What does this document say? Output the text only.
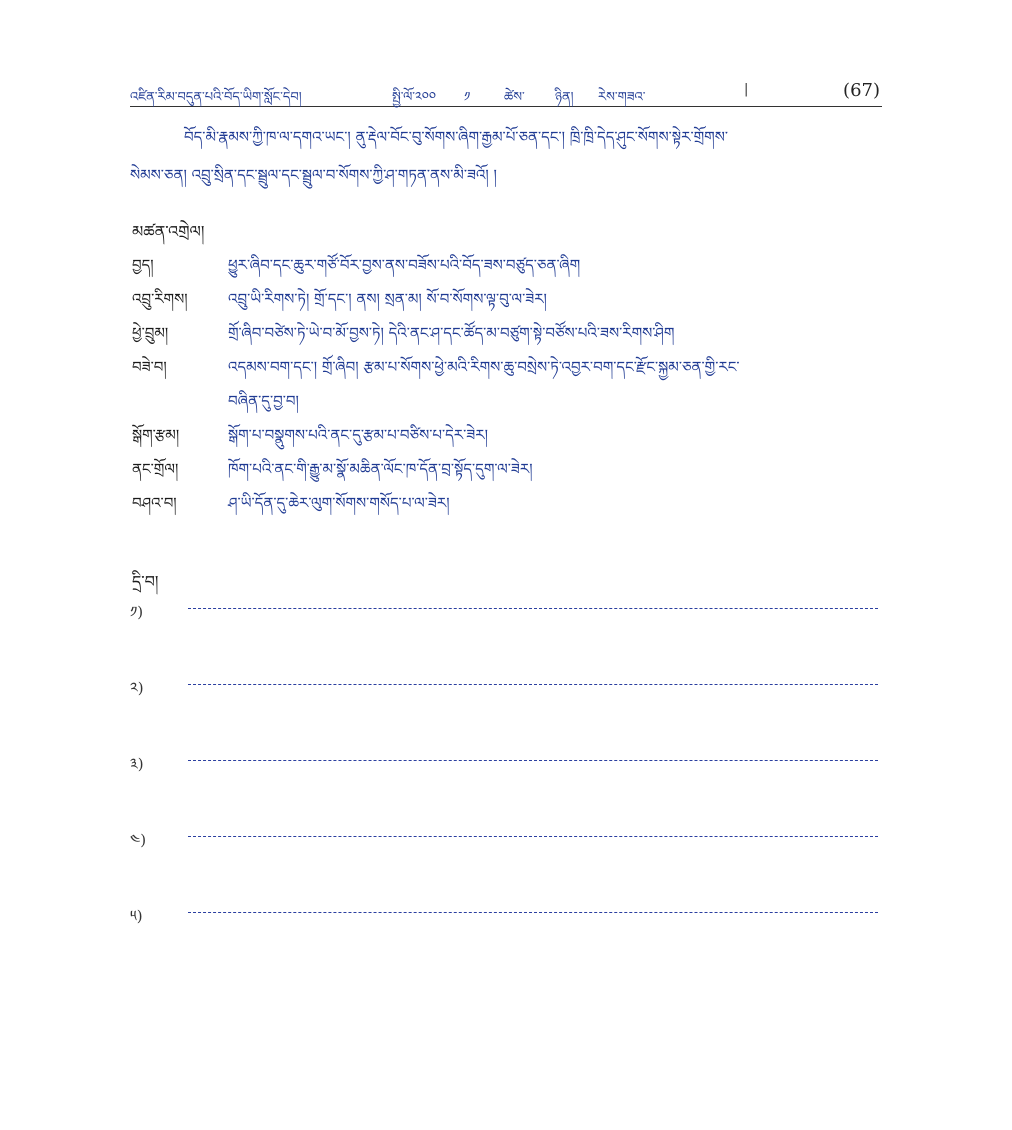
འཛིན་རིམ་བདུན་པའི་བོད་ཡིག་སློང་དེབ།	སྤྱི་ལོ་༢༠༠ ༡	ཚེས་ ཉིན། རེས་གཟའ་
|	(67)
བོད་མི་རྣམས་ཀྱི་ཁ་ལ་དགའ་ཡང་། ནུ་རྡེལ་བོང་བུ་སོགས་ཞིག་རྒྱམ་པོ་ཅན་དང་། ཁྲི་ཁྲི་དེད་ཤུང་སོགས་སྟེར་གྲོགས་
སེམས་ཅན། འབྲུ་སྲིན་དང་སྦྲུལ་དང་སྦྲུལ་བ་སོགས་ཀྱི་ཤ་གཏན་ནས་མི་ཟའོ། །
མཚན་འགྲེལ།
བྱད།	ཕྱུར་ཞིབ་དང་ཆུར་གཙོ་བོར་བྱས་ནས་བཟོས་པའི་བོད་ཟས་བཙུད་ཅན་ཞིག
འབྲུ་རིགས།	འབྲུ་ཡི་རིགས་ཏེ། གྲོ་དང་། ནས། སྲན་མ། སོ་བ་སོགས་ལྟ་བུ་ལ་ཟེར།
ཕྱེ་བྲུམ།	གྲོ་ཞིབ་བཙེས་ཏེ་ཡེ་བ་མོ་བྱས་ཏེ། དེའི་ནང་ཤ་དང་ཚོད་མ་བཙུག་སྟེ་བཙོས་པའི་ཟས་རིགས་ཤིག
བཟེ་བ།	འདམས་བག་དང་། གྲོ་ཞིབ། རྩམ་པ་སོགས་ཕྱེ་མའི་རིགས་ཆུ་བསྲེས་ཏེ་འབྱར་བག་དང་རྫོང་སྐྱམ་ཅན་གྱི་རང་
བཞིན་དུ་བྱ་བ།
སྒོག་རྩམ།	སྒོག་པ་བསྣུགས་པའི་ནང་དུ་རྩམ་པ་བཙིས་པ་དེར་ཟེར།
ནང་གྲོལ།	ཁོག་པའི་ནང་གི་རྒྱུ་མ་སྣོ་མཆིན་ལོང་ཁ་དོན་བྲ་སྟོད་དུག་ལ་ཟེར།
བཤའ་བ།	ཤ་ཡི་དོན་དུ་ཆེར་ལུག་སོགས་གསོད་པ་ལ་ཟེར།
དྲི་བ།
༡)
༢)
༣)
༤)
༥)
